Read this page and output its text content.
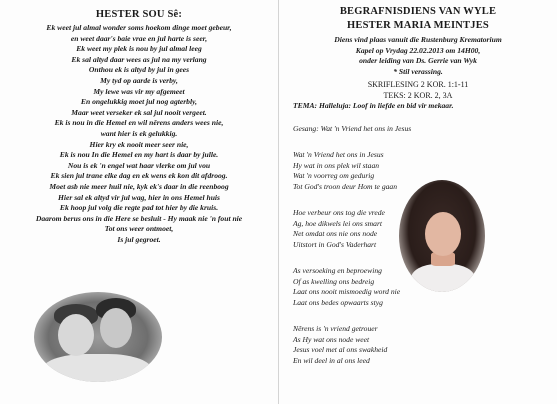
HESTER SOU Sê:
Ek weet jul almal wonder soms hoekom dinge moet gebeur,
en weet daar's baie vrae en jul harte is seer,
Ek weet my plek is nou by jul almal leeg
Ek sal altyd daar wees as jul na my verlang
Onthou ek is altyd by jul in gees
My tyd op aarde is verby,
My lewe was vir my afgemeet
En ongelukkig moet jul nog agterbly,
Maar weet verseker ek sal jul nooit vergeet.
Ek is nou in die Hemel en wil nêrens anders wees nie,
want hier is ek gelukkig.
Hier kry ek nooit meer seer nie,
Ek is nou In die Hemel en my hart is daar by julle.
Nou is ek 'n engel wat haar vlerke om jul vou
Ek sien jul trane elke dag en ek wens ek kon dit afdroog.
Moet asb nie meer huil nie, kyk ek's daar in die reenboog
Hier sal ek altyd vir jul wag, hier in ons Hemel huis
Ek hoop jul volg die regte pad tot hier by die kruis.
Daarom berus ons in die Here se besluit - Hy maak nie 'n fout nie
Tot ons weer ontmoet,
Is jul gegroet.
BEGRAFNISDIENS VAN WYLE
HESTER MARIA MEINTJES
Diens vind plaas vanuit die Rustenburg Krematorium
Kapel op Vrydag 22.02.2013 om 14H00,
onder leiding van Ds. Gerrie van Wyk
* Stil verassing.
SKRIFLESING 2 KOR. 1:1-11
TEKS: 2 KOR. 2, 3A
TEMA: Halleluja: Loof in liefde en bid vir mekaar.
Gesang: Wat 'n Vriend het ons in Jesus
Wat 'n Vriend het ons in Jesus
Hy wat in ons plek wil staan
Wat 'n voorreg om gedurig
Tot God's troon deur Hom te gaan
Hoe verbeur ons tog die vrede
Ag, hoe dikwels lei ons smart
Net omdat ons nie ons node
Uitstort in God's Vaderhart
As versoeking en beproewing
Of as kwelling ons bedreig
Laat ons nooit mismoedig word nie
Laat ons bedes opwaarts styg
Nêrens is 'n vriend getrouer
As Hy wat ons node weet
Jesus voel met al ons swakheid
En wil deel in al ons leed
